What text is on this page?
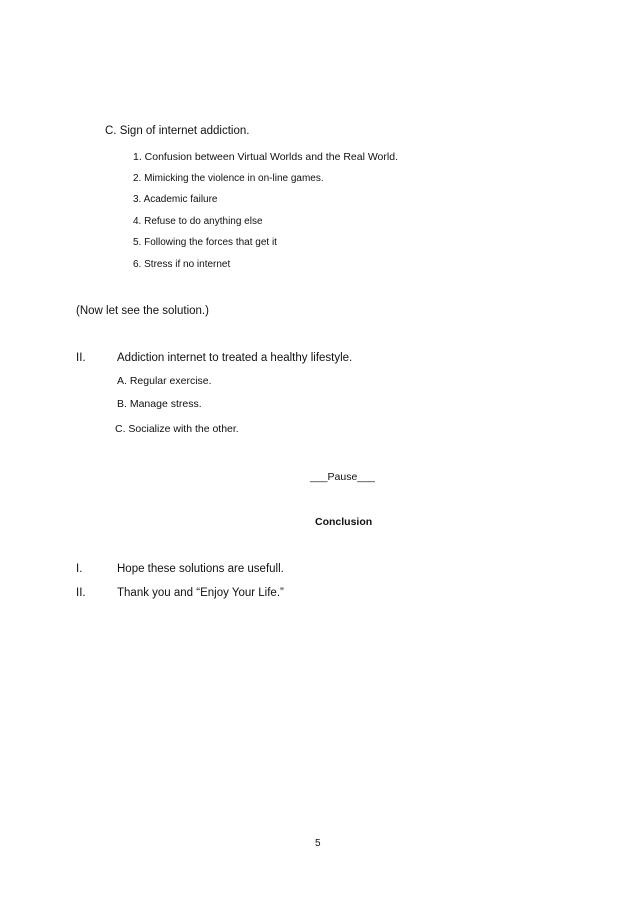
C. Sign of internet addiction.
1. Confusion between Virtual Worlds and the Real World.
2. Mimicking the violence in on-line games.
3. Academic failure
4. Refuse to do anything else
5. Following the forces that get it
6. Stress if no internet
(Now let see the solution.)
II.	Addiction internet to treated a healthy lifestyle.
A. Regular exercise.
B. Manage stress.
C. Socialize with the other.
___Pause___
Conclusion
I.	Hope these solutions are usefull.
II.	Thank you and “Enjoy Your Life.”
5
